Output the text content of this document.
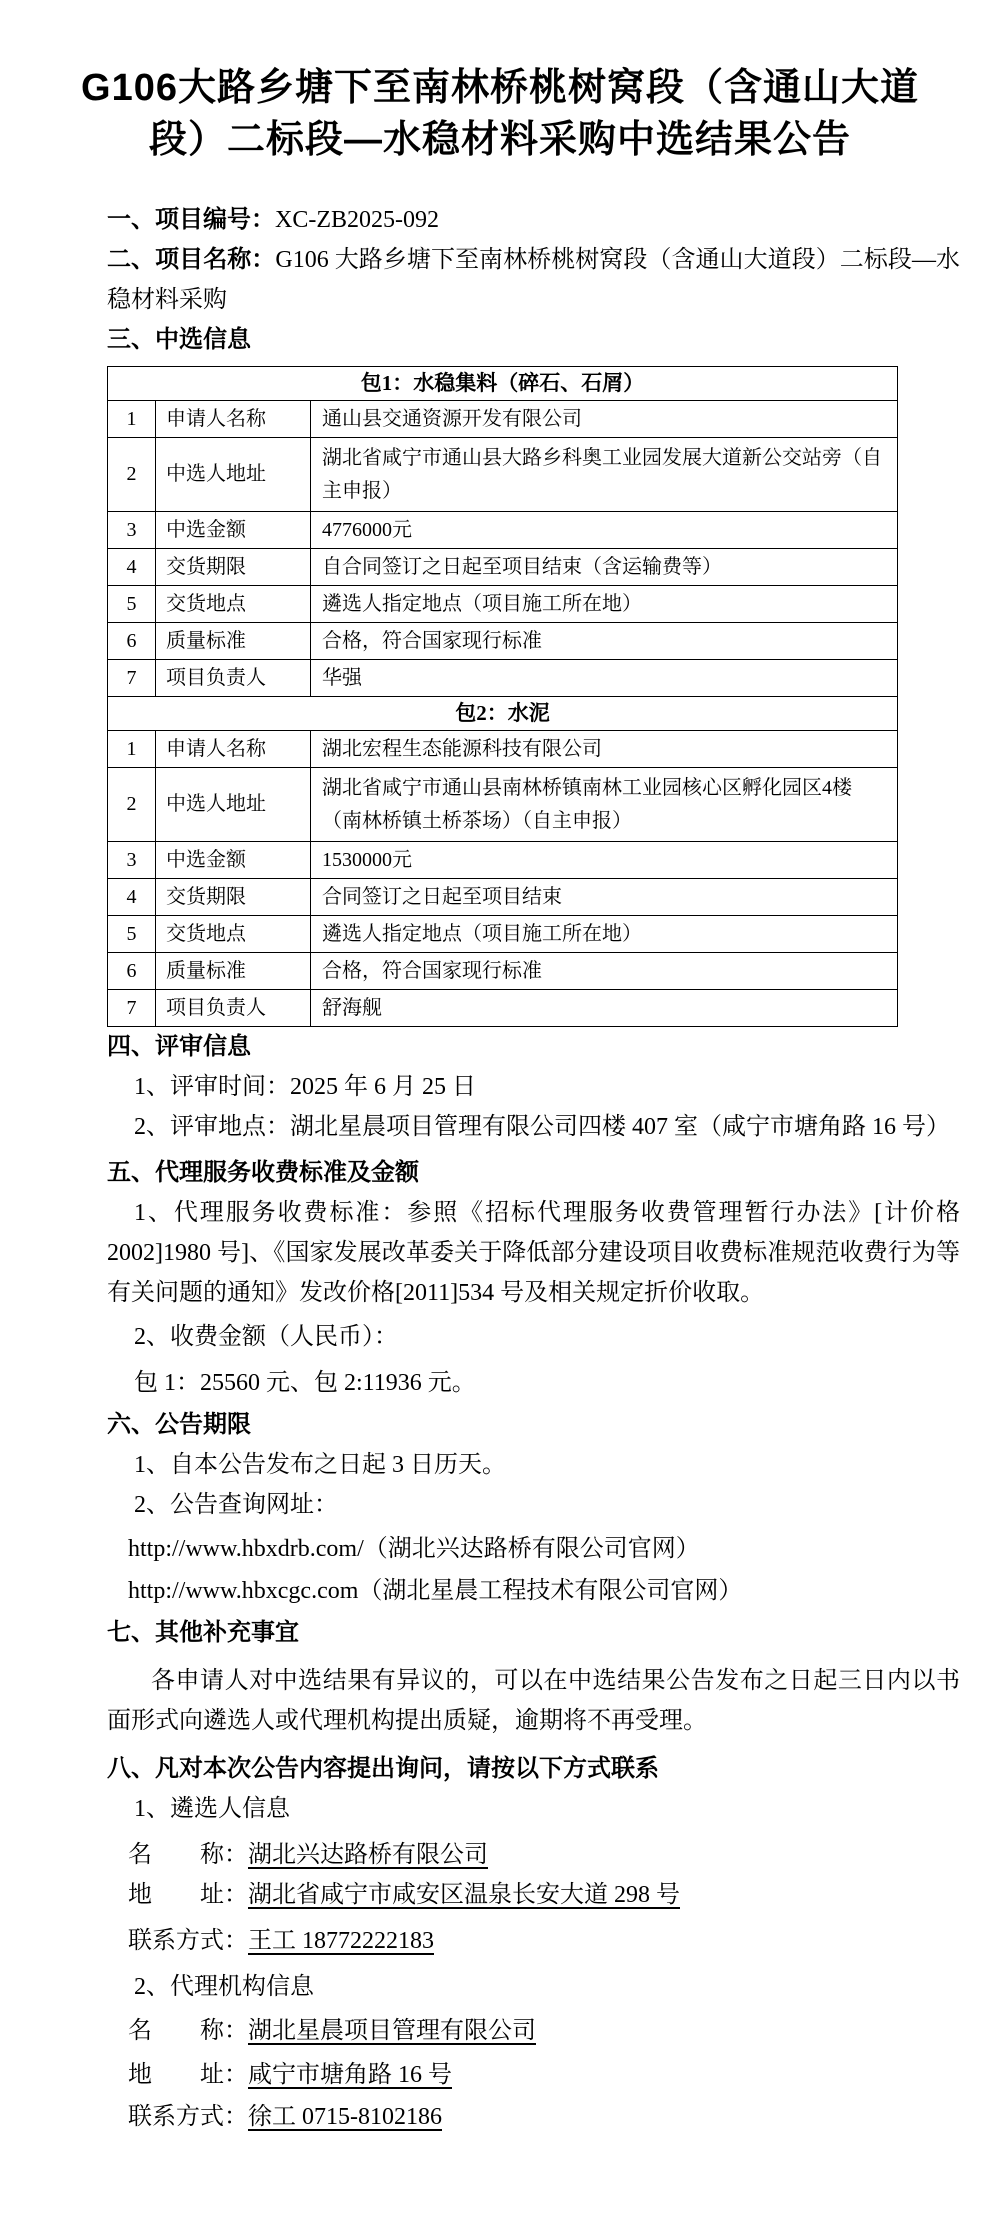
G106大路乡塘下至南林桥桃树窝段（含通山大道
段）二标段—水稳材料采购中选结果公告

一、项目编号：XC-ZB2025-092

二、项目名称：G106 大路乡塘下至南林桥桃树窝段（含通山大道段）二标段—水稳材料采购

三、中选信息

包1：水稳集料（碎石、石屑）		
1	申请人名称	通山县交通资源开发有限公司
2	中选人地址	湖北省咸宁市通山县大路乡科奥工业园发展大道新公交站旁（自主申报）
3	中选金额	4776000元
4	交货期限	自合同签订之日起至项目结束（含运输费等）
5	交货地点	遴选人指定地点（项目施工所在地）
6	质量标准	合格，符合国家现行标准
7	项目负责人	华强
包2：水泥		
1	申请人名称	湖北宏程生态能源科技有限公司
2	中选人地址	湖北省咸宁市通山县南林桥镇南林工业园核心区孵化园区4楼（南林桥镇土桥茶场）（自主申报）
3	中选金额	1530000元
4	交货期限	合同签订之日起至项目结束
5	交货地点	遴选人指定地点（项目施工所在地）
6	质量标准	合格，符合国家现行标准
7	项目负责人	舒海舰

四、评审信息

1、评审时间：2025 年 6 月 25 日

2、评审地点：湖北星晨项目管理有限公司四楼 407 室（咸宁市塘角路 16 号）

五、代理服务收费标准及金额

1、代理服务收费标准：参照《招标代理服务收费管理暂行办法》[计价格 2002]1980 号]、《国家发展改革委关于降低部分建设项目收费标准规范收费行为等有关问题的通知》发改价格[2011]534 号及相关规定折价收取。

2、收费金额（人民币）：

包 1：25560 元、包 2:11936 元。

六、公告期限

1、自本公告发布之日起 3 日历天。

2、公告查询网址：

http://www.hbxdrb.com/（湖北兴达路桥有限公司官网）

http://www.hbxcgc.com（湖北星晨工程技术有限公司官网）

七、其他补充事宜

各申请人对中选结果有异议的，可以在中选结果公告发布之日起三日内以书面形式向遴选人或代理机构提出质疑，逾期将不再受理。

八、凡对本次公告内容提出询问，请按以下方式联系

1、遴选人信息

名　　称：湖北兴达路桥有限公司

地　　址：湖北省咸宁市咸安区温泉长安大道 298 号

联系方式：王工 18772222183

2、代理机构信息

名　　称：湖北星晨项目管理有限公司

地　　址：咸宁市塘角路 16 号

联系方式：徐工 0715-8102186
